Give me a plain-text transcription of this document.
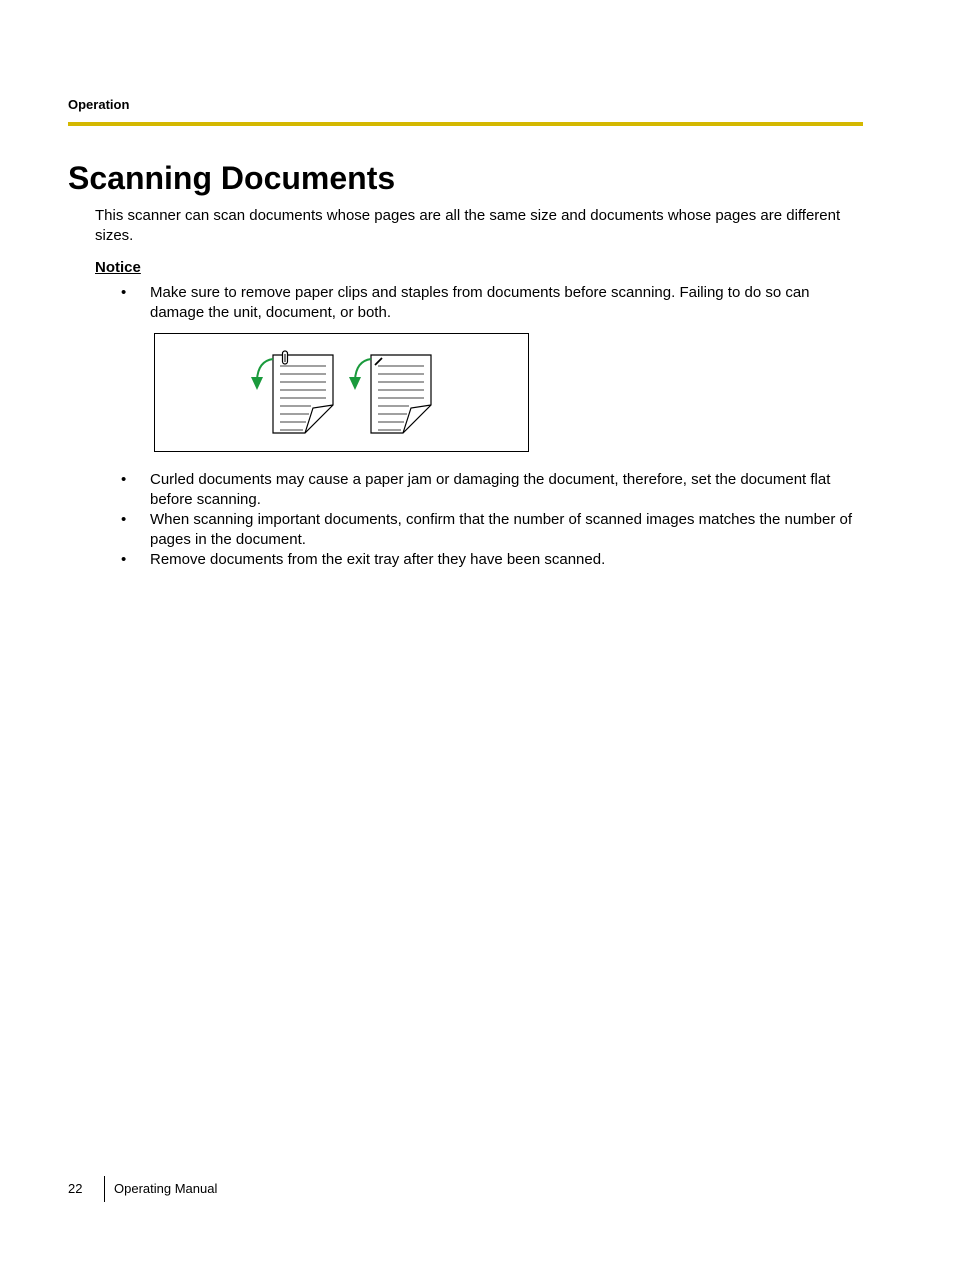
Operation
Scanning Documents

This scanner can scan documents whose pages are all the same size and documents whose pages are different sizes.

Notice
•	Make sure to remove paper clips and staples from documents before scanning. Failing to do so can damage the unit, document, or both.

•	Curled documents may cause a paper jam or damaging the document, therefore, set the document flat before scanning.

•	When scanning important documents, confirm that the number of scanned images matches the number of pages in the document.

•	Remove documents from the exit tray after they have been scanned.

22 Operating Manual
